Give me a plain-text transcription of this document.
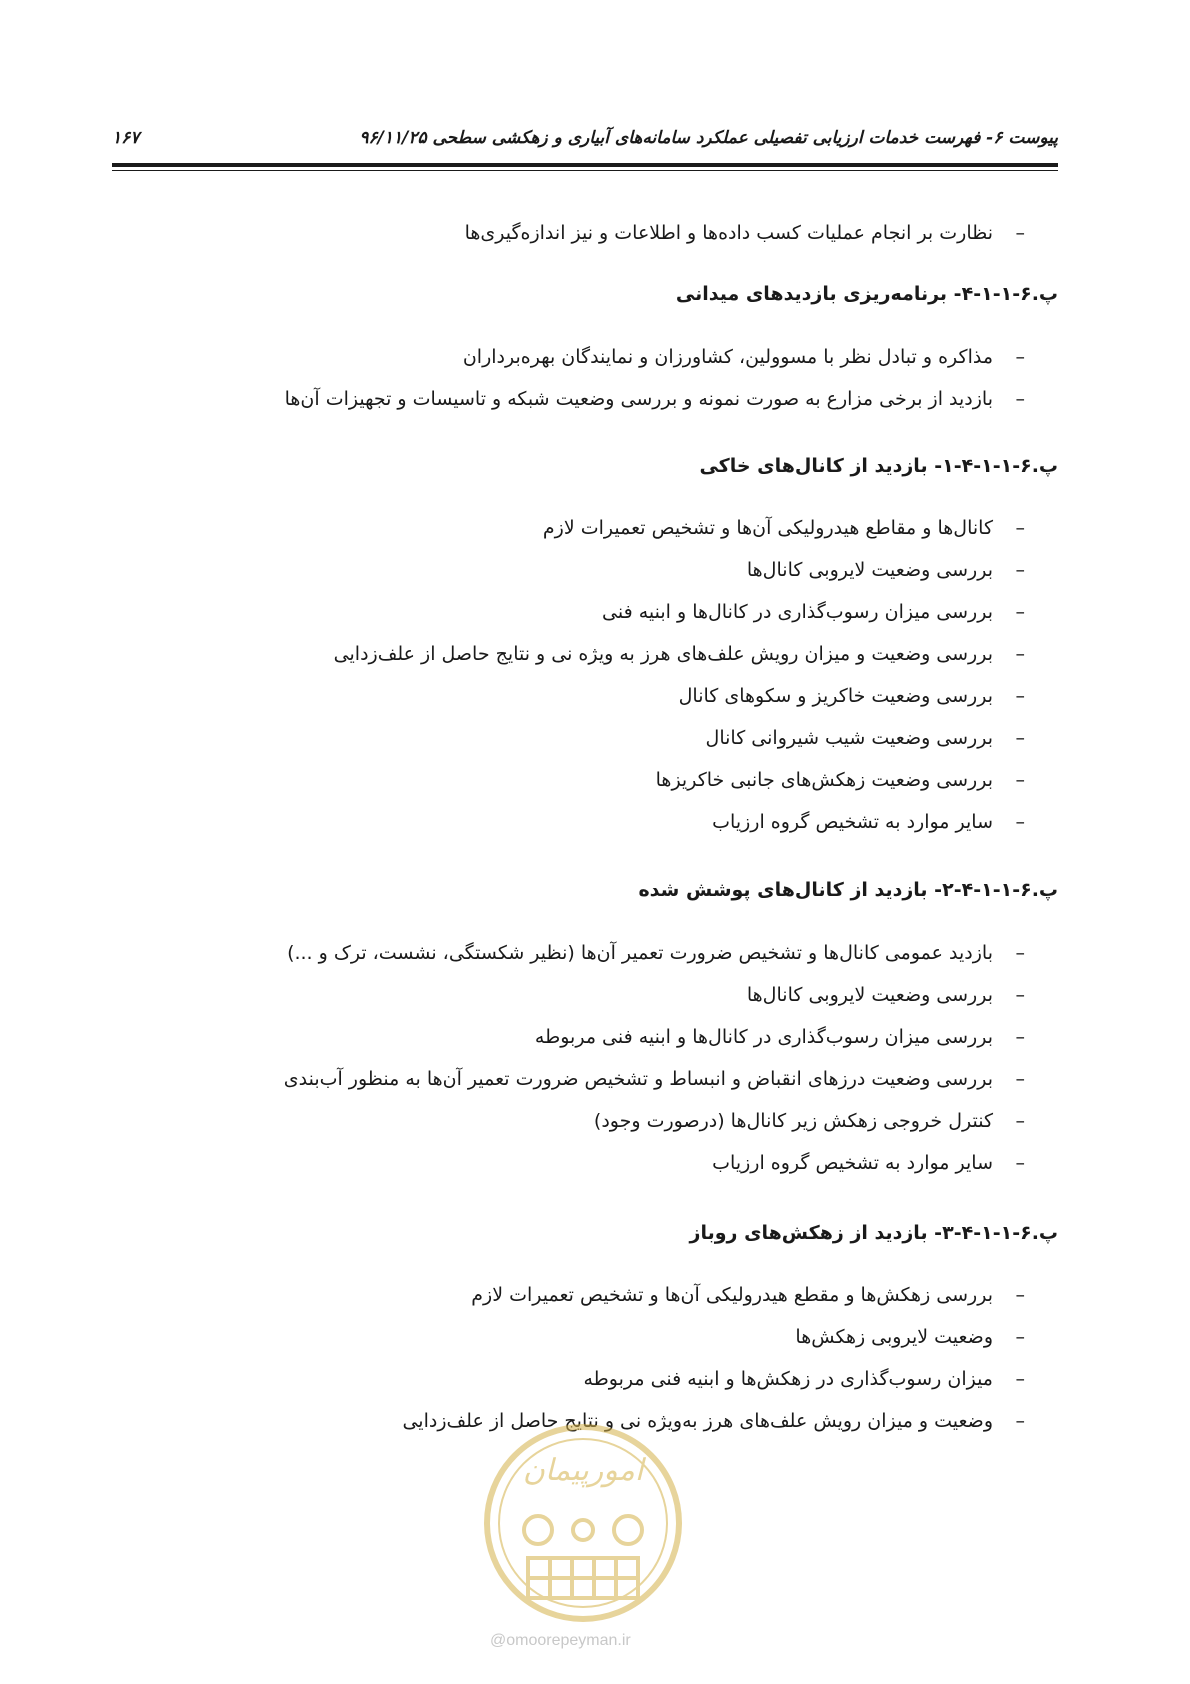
پیوست ۶- فهرست خدمات ارزیابی تفصیلی عملکرد سامانه‌های آبیاری و زهکشی سطحی ۹۶/۱۱/۲۵
۱۶۷
–
نظارت بر انجام عملیات کسب داده‌ها و اطلاعات و نیز اندازه‌گیری‌ها
پ.۶-۱-۱-۴- برنامه‌ریزی بازدیدهای میدانی
–
مذاکره و تبادل نظر با مسوولین، کشاورزان و نمایندگان بهره‌برداران
–
بازدید از برخی مزارع به صورت نمونه و بررسی وضعیت شبکه و تاسیسات و تجهیزات آن‌ها
پ.۶-۱-۱-۴-۱- بازدید از کانال‌های خاکی
–
کانال‌ها و مقاطع هیدرولیکی آن‌ها و تشخیص تعمیرات لازم
–
بررسی وضعیت لایروبی کانال‌ها
–
بررسی میزان رسوب‌گذاری در کانال‌ها و ابنیه فنی
–
بررسی وضعیت و میزان رویش علف‌های هرز به ویژه نی و نتایج حاصل از علف‌زدایی
–
بررسی وضعیت خاکریز و سکوهای کانال
–
بررسی وضعیت شیب شیروانی کانال
–
بررسی وضعیت زهکش‌های جانبی خاکریزها
–
سایر موارد به تشخیص گروه ارزیاب
پ.۶-۱-۱-۴-۲- بازدید از کانال‌های پوشش شده
–
بازدید عمومی کانال‌ها و تشخیص ضرورت تعمیر آن‌ها (نظیر شکستگی، نشست، ترک و ...)
–
بررسی وضعیت لایروبی کانال‌ها
–
بررسی میزان رسوب‌گذاری در کانال‌ها و ابنیه فنی مربوطه
–
بررسی وضعیت درزهای انقباض و انبساط و تشخیص ضرورت تعمیر آن‌ها به منظور آب‌بندی
–
کنترل خروجی زهکش زیر کانال‌ها (درصورت وجود)
–
سایر موارد به تشخیص گروه ارزیاب
پ.۶-۱-۱-۴-۳- بازدید از زهکش‌های روباز
–
بررسی زهکش‌ها و مقطع هیدرولیکی آن‌ها و تشخیص تعمیرات لازم
–
وضعیت لایروبی زهکش‌ها
–
میزان رسوب‌گذاری در زهکش‌ها و ابنیه فنی مربوطه
–
وضعیت و میزان رویش علف‌های هرز به‌ویژه نی و نتایج حاصل از علف‌زدایی
امورپیمان
@omoorepeyman.ir
